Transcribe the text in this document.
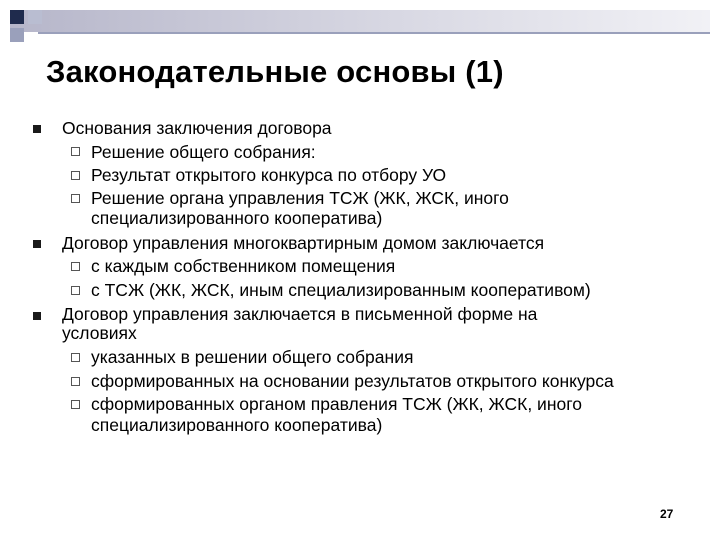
Законодательные основы (1)
Основания заключения договора
Решение общего собрания:
Результат открытого конкурса по отбору УО
Решение органа управления ТСЖ (ЖК, ЖСК, иного
специализированного кооператива)
Договор управления многоквартирным домом заключается
с каждым собственником помещения
с ТСЖ (ЖК, ЖСК, иным специализированным кооперативом)
Договор управления заключается в письменной форме на
условиях
указанных в решении общего собрания
сформированных на основании результатов открытого конкурса
сформированных органом правления ТСЖ (ЖК, ЖСК, иного
специализированного кооператива)
27
